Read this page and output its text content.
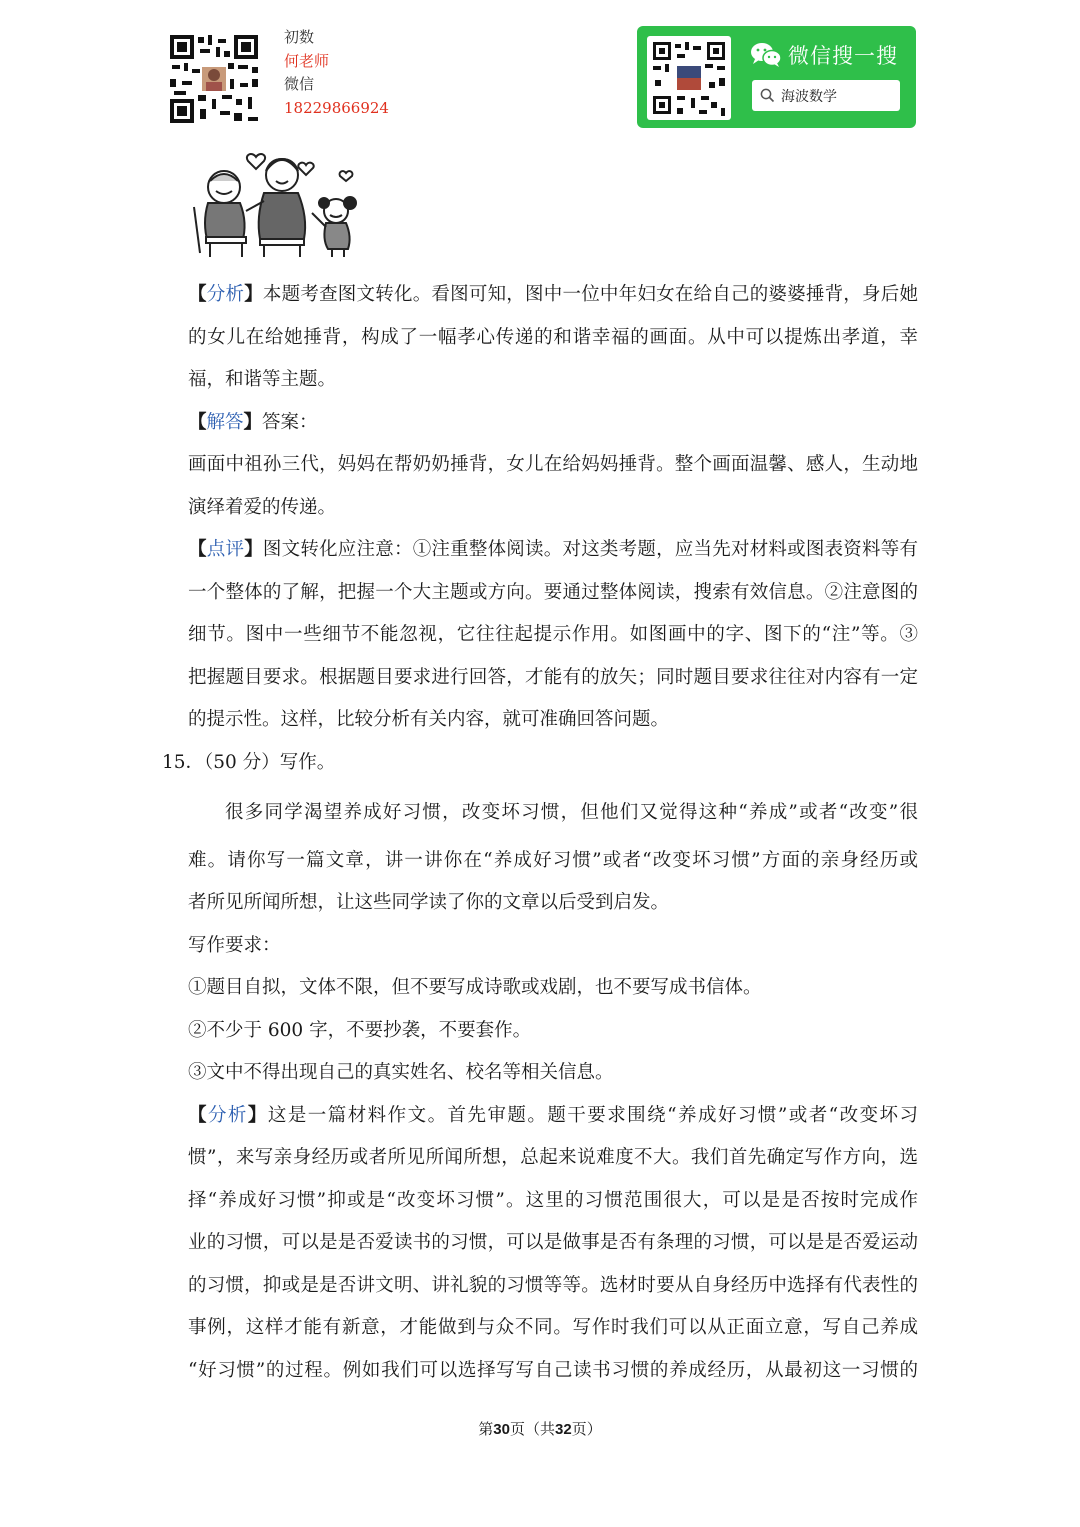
初数
何老师
微信
18229866924
微信搜一搜
海波数学
【分析】本题考查图文转化。看图可知，图中一位中年妇女在给自己的婆婆捶背，身后她
的女儿在给她捶背，构成了一幅孝心传递的和谐幸福的画面。从中可以提炼出孝道，幸
福，和谐等主题。
【解答】答案：
画面中祖孙三代，妈妈在帮奶奶捶背，女儿在给妈妈捶背。整个画面温馨、感人，生动地
演绎着爱的传递。
【点评】图文转化应注意：①注重整体阅读。对这类考题，应当先对材料或图表资料等有
一个整体的了解，把握一个大主题或方向。要通过整体阅读，搜索有效信息。②注意图的
细节。图中一些细节不能忽视，它往往起提示作用。如图画中的字、图下的“注”等。③
把握题目要求。根据题目要求进行回答，才能有的放矢；同时题目要求往往对内容有一定
的提示性。这样，比较分析有关内容，就可准确回答问题。
15．（50 分）写作。
很多同学渴望养成好习惯，改变坏习惯，但他们又觉得这种“养成”或者“改变”很
难。请你写一篇文章，讲一讲你在“养成好习惯”或者“改变坏习惯”方面的亲身经历或
者所见所闻所想，让这些同学读了你的文章以后受到启发。
写作要求：
①题目自拟，文体不限，但不要写成诗歌或戏剧，也不要写成书信体。
②不少于 600 字，不要抄袭，不要套作。
③文中不得出现自己的真实姓名、校名等相关信息。
【分析】这是一篇材料作文。首先审题。题干要求围绕“养成好习惯”或者“改变坏习
惯”，来写亲身经历或者所见所闻所想，总起来说难度不大。我们首先确定写作方向，选
择“养成好习惯”抑或是“改变坏习惯”。这里的习惯范围很大，可以是是否按时完成作
业的习惯，可以是是否爱读书的习惯，可以是做事是否有条理的习惯，可以是是否爱运动
的习惯，抑或是是否讲文明、讲礼貌的习惯等等。选材时要从自身经历中选择有代表性的
事例，这样才能有新意，才能做到与众不同。写作时我们可以从正面立意，写自己养成
“好习惯”的过程。例如我们可以选择写写自己读书习惯的养成经历，从最初这一习惯的
第30页（共32页）
